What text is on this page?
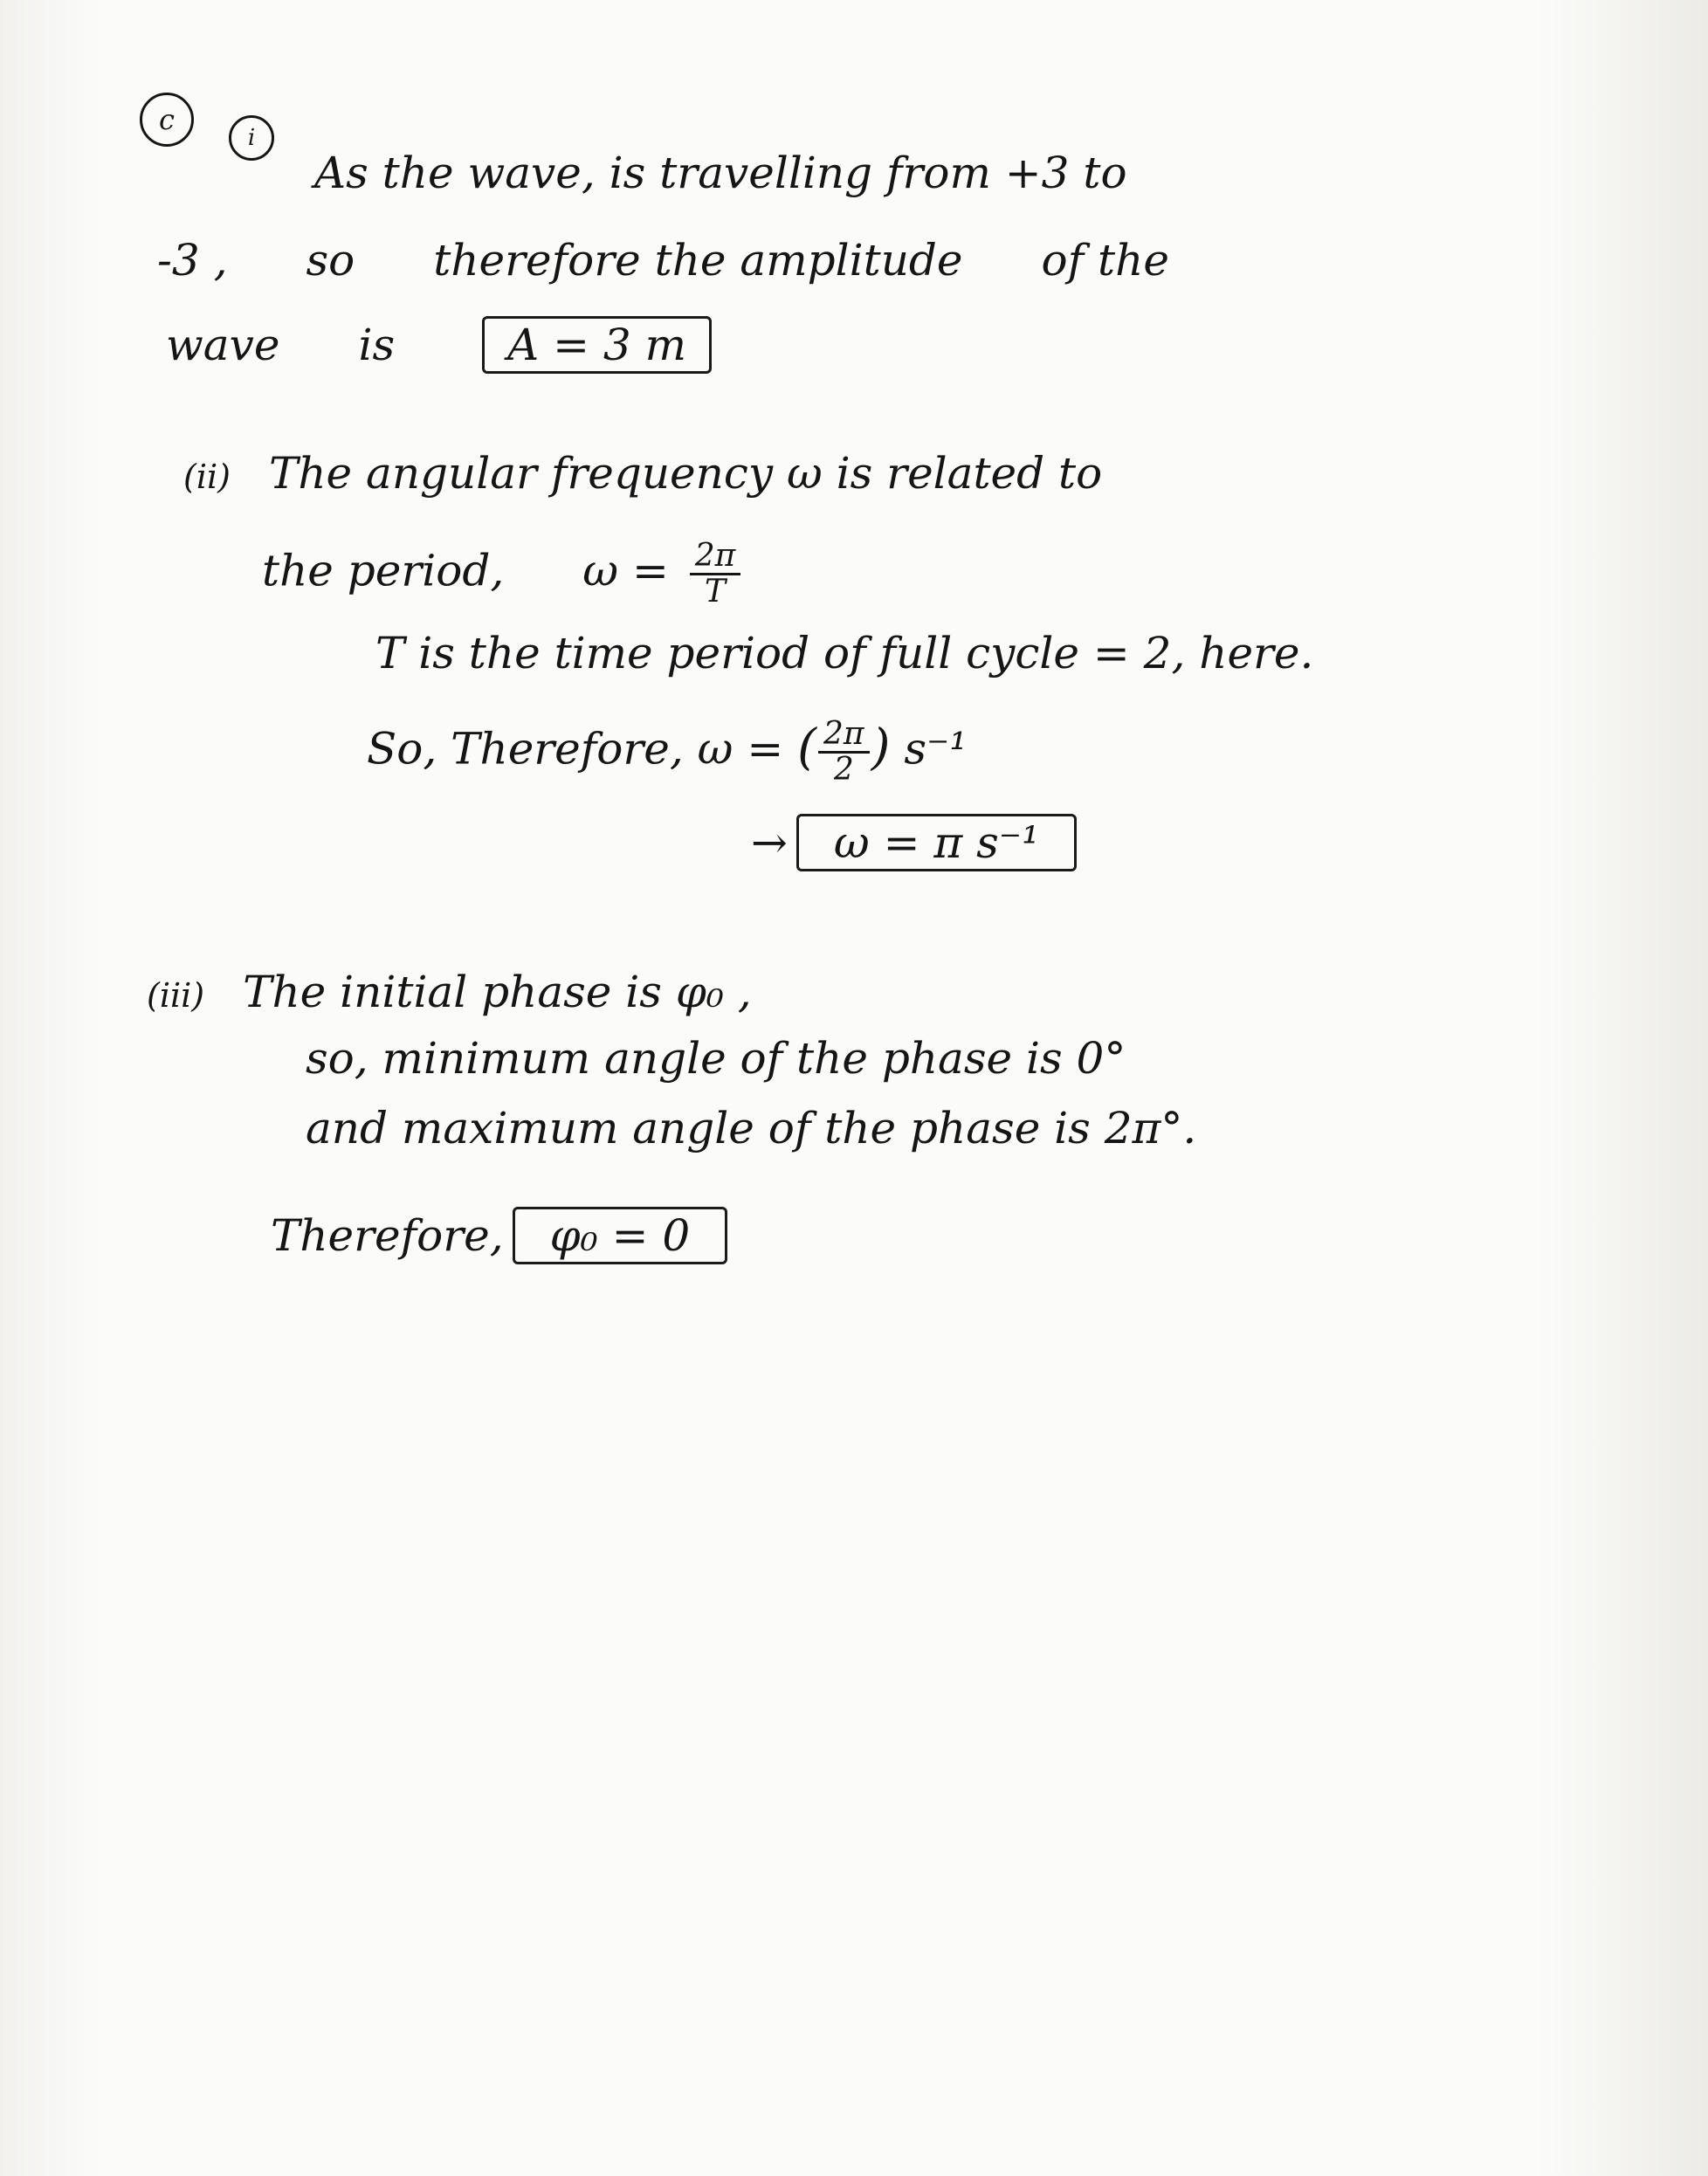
c
i
As the wave, is travelling from +3 to
-3 , so therefore the amplitude of the
wave is	A = 3 m
(ii) The angular frequency ω is related to
the period, $\omega = \frac{2\pi}{T}$
T is the time period of full cycle = 2, here.
So, Therefore, ω = ( $\frac{2\pi}{2}$ ) s⁻¹
→ ω = π s⁻¹
(iii) The initial phase is φ₀ ,
so, minimum angle of the phase is 0°
and maximum angle of the phase is 2π°.
Therefore, φ₀ = 0
